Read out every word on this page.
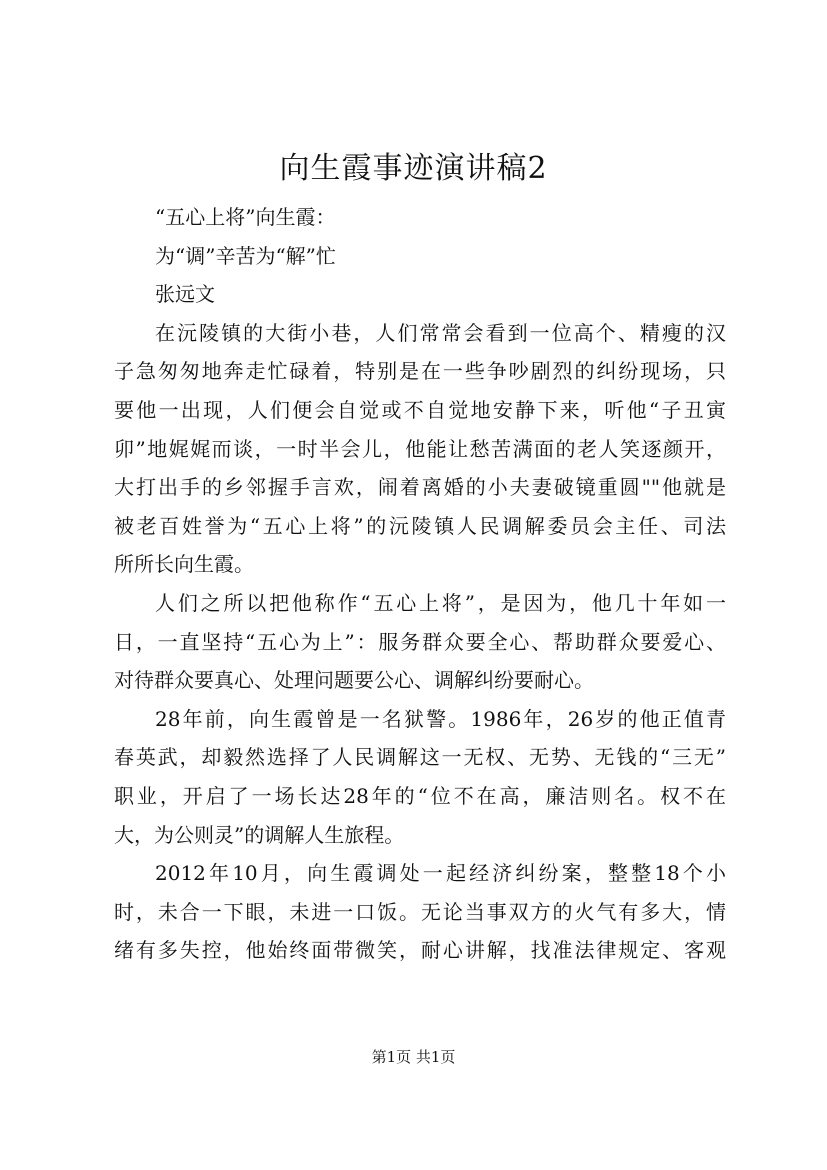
向生霞事迹演讲稿2
“五心上将”向生霞：
为“调”辛苦为“解”忙
张远文
在沅陵镇的大街小巷，人们常常会看到一位高个、精瘦的汉
子急匆匆地奔走忙碌着，特别是在一些争吵剧烈的纠纷现场，只
要他一出现，人们便会自觉或不自觉地安静下来，听他“子丑寅
卯”地娓娓而谈，一时半会儿，他能让愁苦满面的老人笑逐颜开，
大打出手的乡邻握手言欢，闹着离婚的小夫妻破镜重圆""他就是
被老百姓誉为“五心上将”的沅陵镇人民调解委员会主任、司法
所所长向生霞。
人们之所以把他称作“五心上将”，是因为，他几十年如一
日，一直坚持“五心为上”：服务群众要全心、帮助群众要爱心、
对待群众要真心、处理问题要公心、调解纠纷要耐心。
28年前，向生霞曾是一名狱警。1986年，26岁的他正值青
春英武，却毅然选择了人民调解这一无权、无势、无钱的“三无”
职业，开启了一场长达28年的“位不在高，廉洁则名。权不在
大，为公则灵”的调解人生旅程。
2012年10月，向生霞调处一起经济纠纷案，整整18个小
时，未合一下眼，未进一口饭。无论当事双方的火气有多大，情
绪有多失控，他始终面带微笑，耐心讲解，找准法律规定、客观
第1页 共1页
